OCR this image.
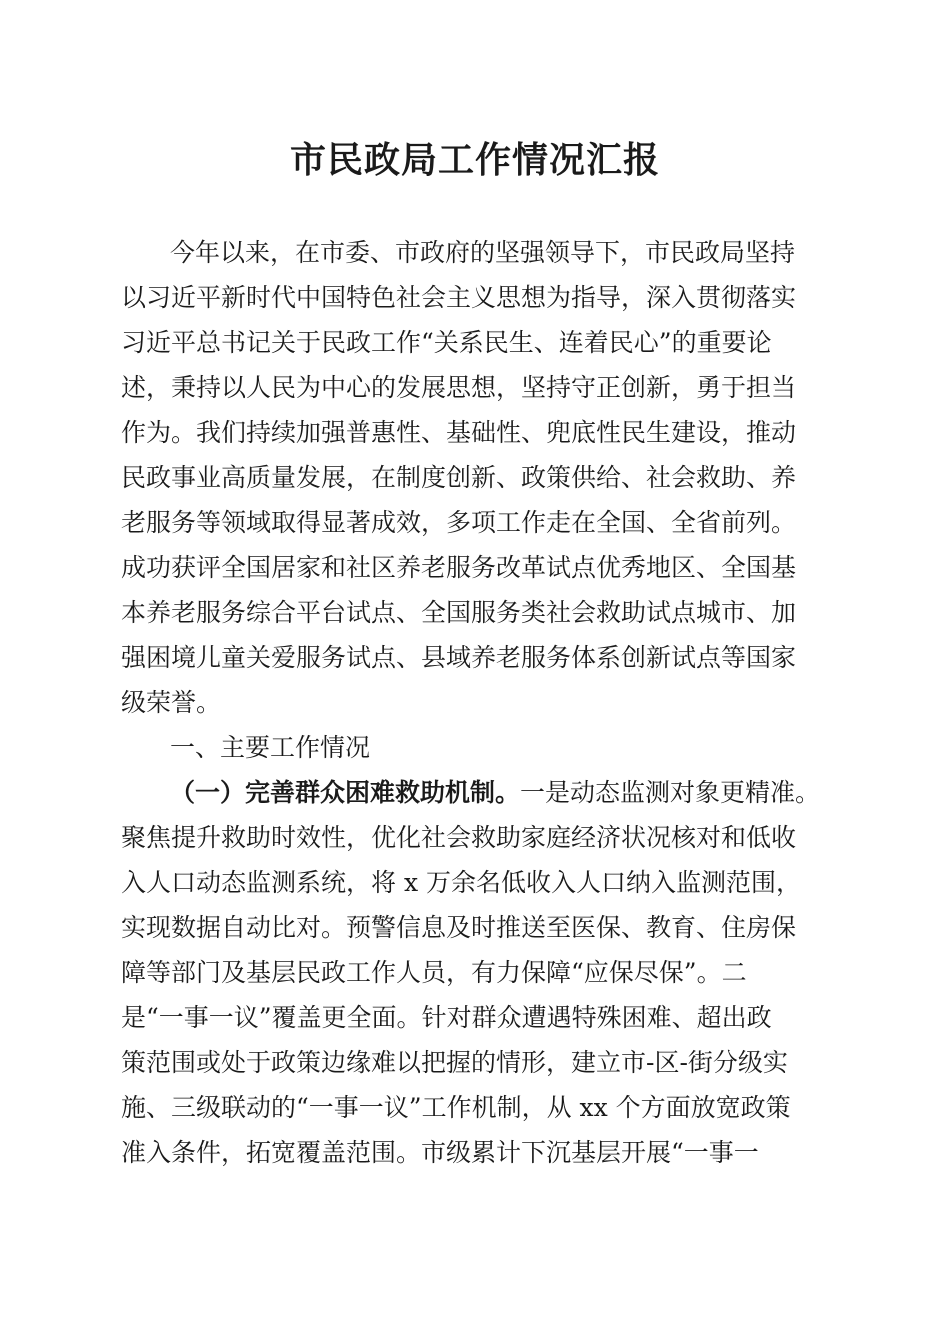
市民政局工作情况汇报
今年以来，在市委、市政府的坚强领导下，市民政局坚持
以习近平新时代中国特色社会主义思想为指导，深入贯彻落实
习近平总书记关于民政工作“关系民生、连着民心”的重要论
述，秉持以人民为中心的发展思想，坚持守正创新，勇于担当
作为。我们持续加强普惠性、基础性、兜底性民生建设，推动
民政事业高质量发展，在制度创新、政策供给、社会救助、养
老服务等领域取得显著成效，多项工作走在全国、全省前列。
成功获评全国居家和社区养老服务改革试点优秀地区、全国基
本养老服务综合平台试点、全国服务类社会救助试点城市、加
强困境儿童关爱服务试点、县域养老服务体系创新试点等国家
级荣誉。
一、主要工作情况
（一）完善群众困难救助机制。一是动态监测对象更精准。
聚焦提升救助时效性，优化社会救助家庭经济状况核对和低收
入人口动态监测系统，将 x 万余名低收入人口纳入监测范围，
实现数据自动比对。预警信息及时推送至医保、教育、住房保
障等部门及基层民政工作人员，有力保障“应保尽保”。二
是“一事一议”覆盖更全面。针对群众遭遇特殊困难、超出政
策范围或处于政策边缘难以把握的情形，建立市-区-街分级实
施、三级联动的“一事一议”工作机制，从 xx 个方面放宽政策
准入条件，拓宽覆盖范围。市级累计下沉基层开展“一事一
